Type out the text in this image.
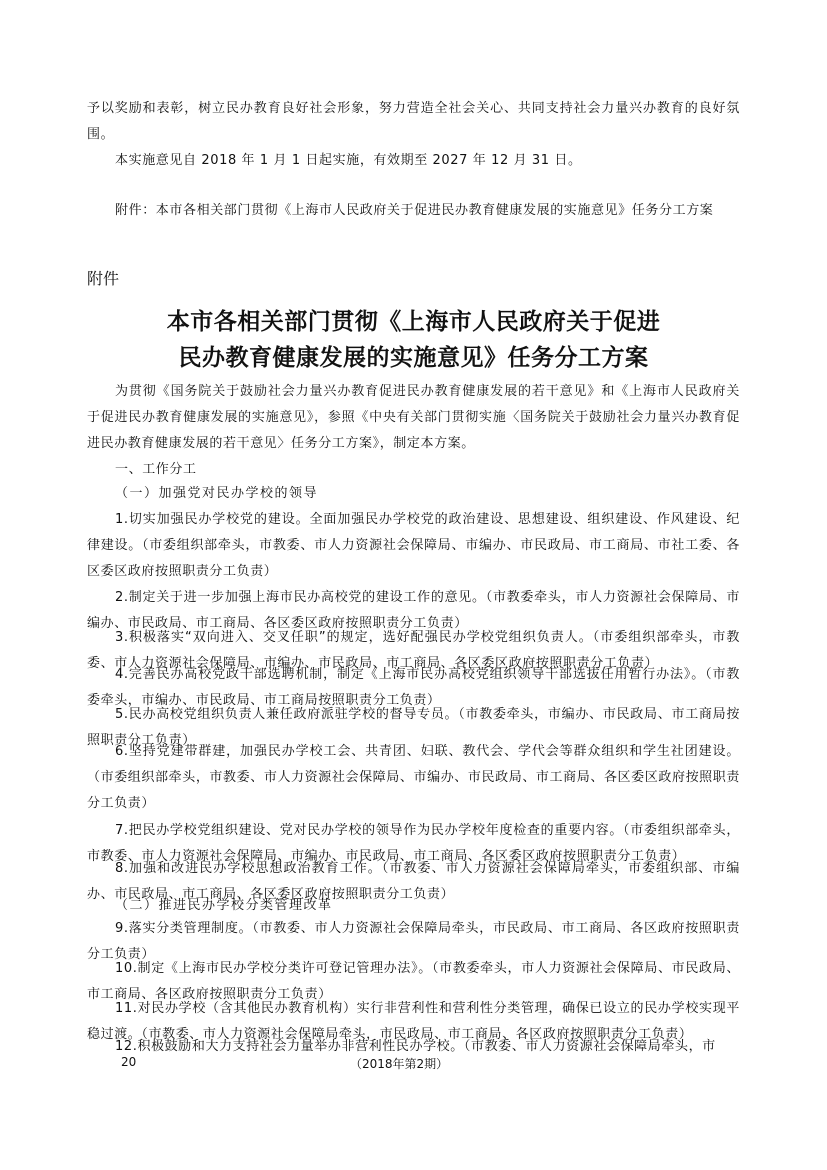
予以奖励和表彰，树立民办教育良好社会形象，努力营造全社会关心、共同支持社会力量兴办教育的良好氛围。
本实施意见自 2018 年 1 月 1 日起实施，有效期至 2027 年 12 月 31 日。
附件：本市各相关部门贯彻《上海市人民政府关于促进民办教育健康发展的实施意见》任务分工方案
附件
本市各相关部门贯彻《上海市人民政府关于促进
民办教育健康发展的实施意见》任务分工方案
为贯彻《国务院关于鼓励社会力量兴办教育促进民办教育健康发展的若干意见》和《上海市人民政府关于促进民办教育健康发展的实施意见》，参照《中央有关部门贯彻实施〈国务院关于鼓励社会力量兴办教育促进民办教育健康发展的若干意见〉任务分工方案》，制定本方案。
一、工作分工
（一）加强党对民办学校的领导
1.切实加强民办学校党的建设。全面加强民办学校党的政治建设、思想建设、组织建设、作风建设、纪律建设。（市委组织部牵头，市教委、市人力资源社会保障局、市编办、市民政局、市工商局、市社工委、各区委区政府按照职责分工负责）
2.制定关于进一步加强上海市民办高校党的建设工作的意见。（市教委牵头，市人力资源社会保障局、市编办、市民政局、市工商局、各区委区政府按照职责分工负责）
3.积极落实“双向进入、交叉任职”的规定，选好配强民办学校党组织负责人。（市委组织部牵头，市教委、市人力资源社会保障局、市编办、市民政局、市工商局、各区委区政府按照职责分工负责）
4.完善民办高校党政干部选聘机制，制定《上海市民办高校党组织领导干部选拔任用暂行办法》。（市教委牵头，市编办、市民政局、市工商局按照职责分工负责）
5.民办高校党组织负责人兼任政府派驻学校的督导专员。（市教委牵头，市编办、市民政局、市工商局按照职责分工负责）
6.坚持党建带群建，加强民办学校工会、共青团、妇联、教代会、学代会等群众组织和学生社团建设。（市委组织部牵头，市教委、市人力资源社会保障局、市编办、市民政局、市工商局、各区委区政府按照职责分工负责）
7.把民办学校党组织建设、党对民办学校的领导作为民办学校年度检查的重要内容。（市委组织部牵头，市教委、市人力资源社会保障局、市编办、市民政局、市工商局、各区委区政府按照职责分工负责）
8.加强和改进民办学校思想政治教育工作。（市教委、市人力资源社会保障局牵头，市委组织部、市编办、市民政局、市工商局、各区委区政府按照职责分工负责）
（二）推进民办学校分类管理改革
9.落实分类管理制度。（市教委、市人力资源社会保障局牵头，市民政局、市工商局、各区政府按照职责分工负责）
10.制定《上海市民办学校分类许可登记管理办法》。（市教委牵头，市人力资源社会保障局、市民政局、市工商局、各区政府按照职责分工负责）
11.对民办学校（含其他民办教育机构）实行非营利性和营利性分类管理，确保已设立的民办学校实现平稳过渡。（市教委、市人力资源社会保障局牵头，市民政局、市工商局、各区政府按照职责分工负责）
12.积极鼓励和大力支持社会力量举办非营利性民办学校。（市教委、市人力资源社会保障局牵头，市
20	（2018年第2期）
